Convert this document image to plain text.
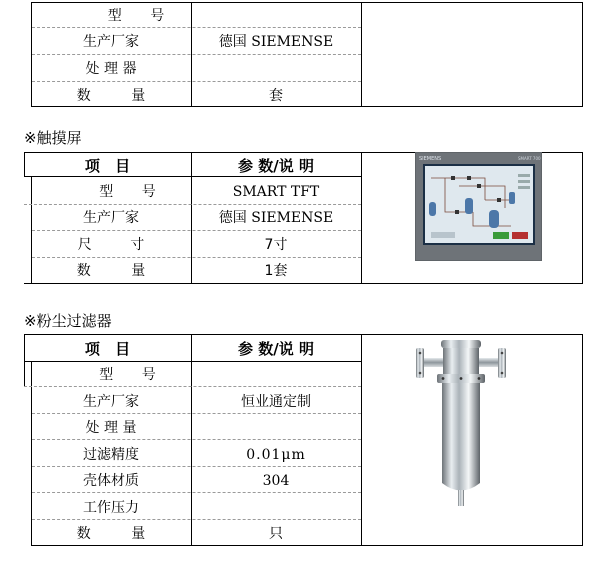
型 号
生产厂家	德国 SIEMENSE
处 理 器
数 量	套
※触摸屏
项 目	参 数/说 明
型 号	SMART TFT
生产厂家	德国 SIEMENSE
尺 寸	7寸
数 量	1套
SIEMENS	SMART 700
※粉尘过滤器
项 目	参 数/说 明
型 号
生产厂家	恒业通定制
处 理 量
过滤精度	0.01μm
壳体材质	304
工作压力
数 量	只
